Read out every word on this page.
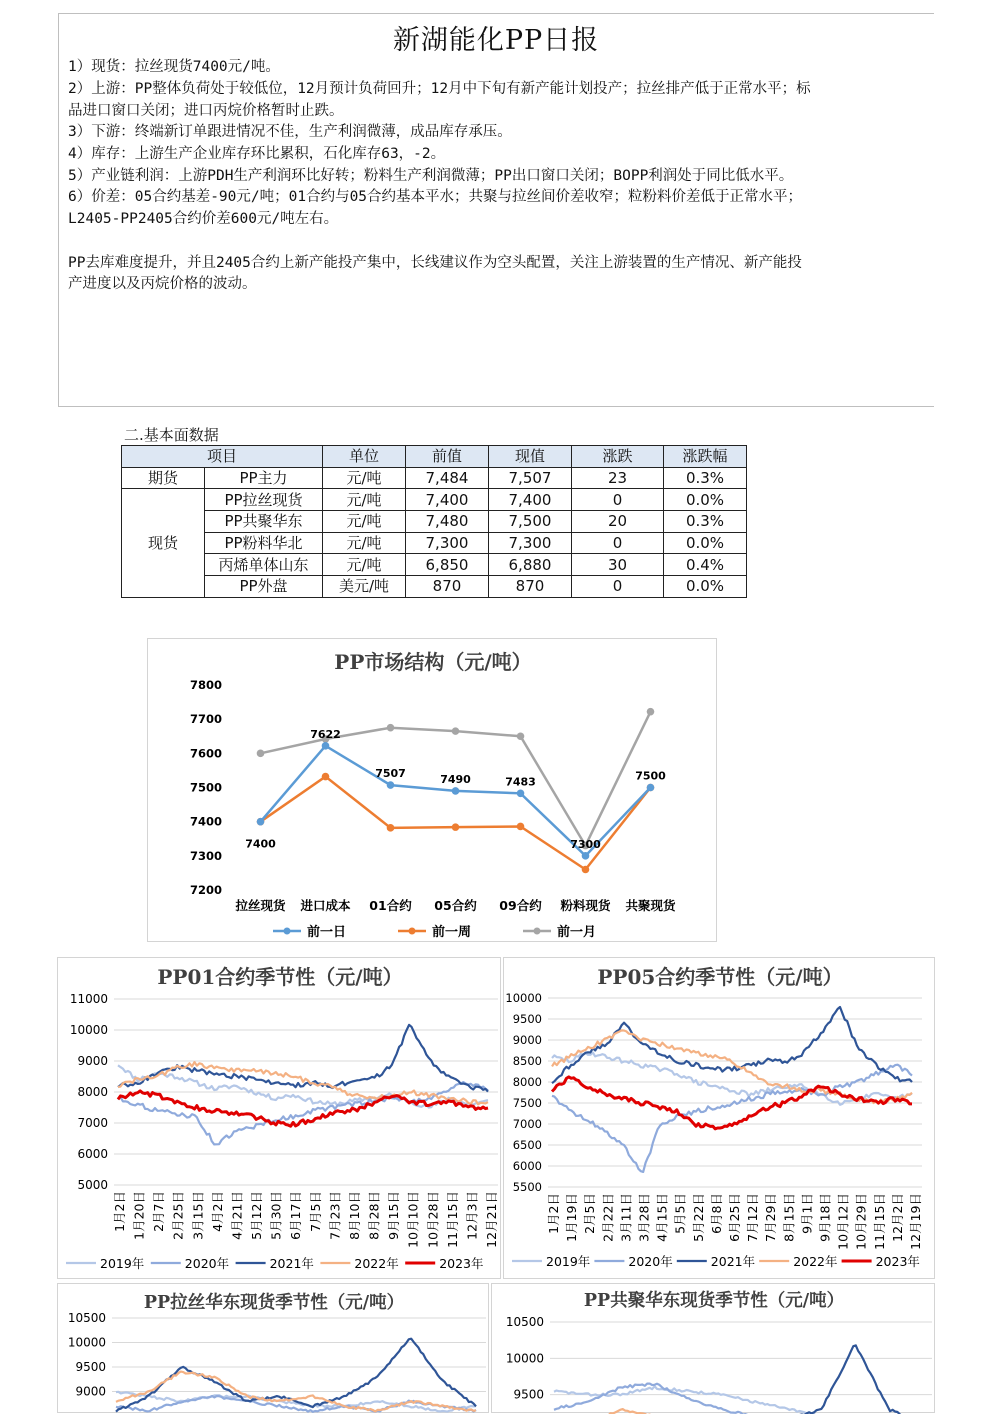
新湖能化PP日报
1）现货：拉丝现货7400元/吨。
2）上游：PP整体负荷处于较低位，12月预计负荷回升；12月中下旬有新产能计划投产；拉丝排产低于正常水平；标
品进口窗口关闭；进口丙烷价格暂时止跌。
3）下游：终端新订单跟进情况不佳，生产利润微薄，成品库存承压。
4）库存：上游生产企业库存环比累积，石化库存63，-2。
5）产业链利润：上游PDH生产利润环比好转；粉料生产利润微薄；PP出口窗口关闭；BOPP利润处于同比低水平。
6）价差：05合约基差-90元/吨；01合约与05合约基本平水；共聚与拉丝间价差收窄；粒粉料价差低于正常水平；
L2405-PP2405合约价差600元/吨左右。
PP去库难度提升，并且2405合约上新产能投产集中，长线建议作为空头配置，关注上游装置的生产情况、新产能投
产进度以及丙烷价格的波动。
二.基本面数据
项目		单位	前值	现值	涨跌	涨跌幅
期货	PP主力	元/吨	7,484	7,507	23	0.3%
现货	PP拉丝现货	元/吨	7,400	7,400	0	0.0%
	PP共聚华东	元/吨	7,480	7,500	20	0.3%
	PP粉料华北	元/吨	7,300	7,300	0	0.0%
	丙烯单体山东	元/吨	6,850	6,880	30	0.4%
	PP外盘	美元/吨	870	870	0	0.0%
PP市场结构（元/吨）
7200
7300
7400
7500
7600
7700
7800
拉丝现货 进口成本 01合约 05合约 09合约 粉料现货 共聚现货
7400
7622
7507	7490	7483
7300
7500
前一日	前一周	前一月
PP01合约季节性（元/吨）
5000
6000
7000
8000
9000
10000
11000
1月2日 1月20日 2月7日 2月25日 3月15日 4月2日 4月21日 5月12日 5月30日 6月17日 7月5日 7月23日 8月10日 8月28日 9月15日 10月10日 10月28日 11月15日 12月3日 12月21日
2019年	2020年	2021年	2022年	2023年
PP05合约季节性（元/吨）
5500
6000
6500
7000
7500
8000
8500
9000
9500
10000
1月2日 1月19日 2月5日 2月22日 3月11日 3月28日 4月15日 5月5日 5月22日 6月8日 6月25日 7月12日 7月29日 8月15日 9月1日 9月18日 10月12日 10月29日 11月15日 12月2日 12月19日
2019年	2020年	2021年	2022年	2023年
PP拉丝华东现货季节性（元/吨）
9000
9500
10000
10500
PP共聚华东现货季节性（元/吨）
9500
10000
10500
